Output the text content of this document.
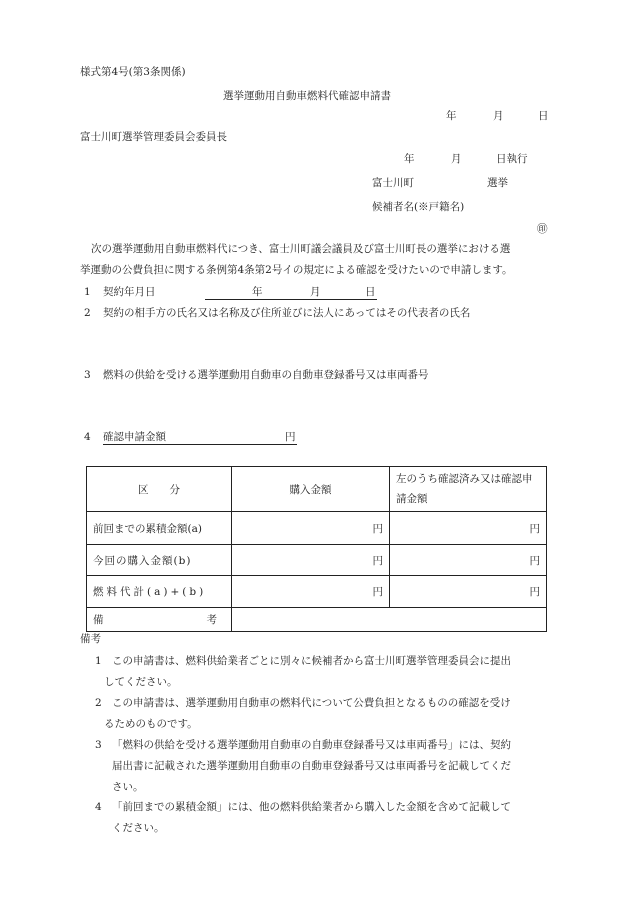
様式第4号(第3条関係)
選挙運動用自動車燃料代確認申請書
年	月	日
富士川町選挙管理委員会委員長
年	月	日執行
富士川町	選挙
候補者名(※戸籍名)
㊞
次の選挙運動用自動車燃料代につき、富士川町議会議員及び富士川町長の選挙における選
挙運動の公費負担に関する条例第4条第2号イの規定による確認を受けたいので申請します。
1 契約年月日	年	月	日
2 契約の相手方の氏名又は名称及び住所並びに法人にあってはその代表者の氏名
3 燃料の供給を受ける選挙運動用自動車の自動車登録番号又は車両番号
4 確認申請金額	円
区　　分	購入金額	左のうち確認済み又は確認申請金額
前回までの累積金額(a)	円	円
今回の購入金額(b)	円	円
燃料代計(a)+(b)	円	円
備 考		

備考
1 この申請書は、燃料供給業者ごとに別々に候補者から富士川町選挙管理委員会に提出
してください。
2 この申請書は、選挙運動用自動車の燃料代について公費負担となるものの確認を受け
るためのものです。
3 「燃料の供給を受ける選挙運動用自動車の自動車登録番号又は車両番号」には、契約
届出書に記載された選挙運動用自動車の自動車登録番号又は車両番号を記載してくだ
さい。
4 「前回までの累積金額」には、他の燃料供給業者から購入した金額を含めて記載して
ください。
